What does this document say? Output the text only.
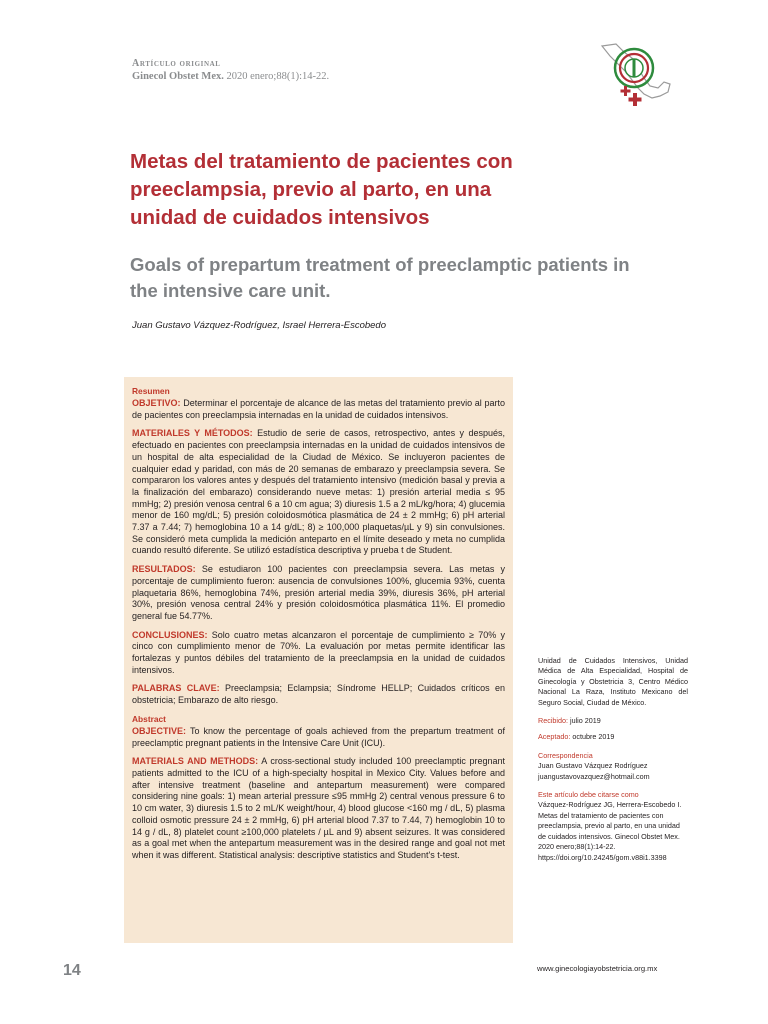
Artículo original
Ginecol Obstet Mex. 2020 enero;88(1):14-22.
Metas del tratamiento de pacientes con preeclampsia, previo al parto, en una unidad de cuidados intensivos
Goals of prepartum treatment of preeclamptic patients in the intensive care unit.
Juan Gustavo Vázquez-Rodríguez, Israel Herrera-Escobedo

Resumen

OBJETIVO: Determinar el porcentaje de alcance de las metas del tratamiento previo al parto de pacientes con preeclampsia internadas en la unidad de cuidados intensivos.

MATERIALES Y MÉTODOS: Estudio de serie de casos, retrospectivo, antes y después, efectuado en pacientes con preeclampsia internadas en la unidad de cuidados intensivos de un hospital de alta especialidad de la Ciudad de México. Se incluyeron pacientes de cualquier edad y paridad, con más de 20 semanas de embarazo y preeclampsia severa. Se compararon los valores antes y después del tratamiento intensivo (medición basal y previa a la finalización del embarazo) considerando nueve metas: 1) presión arterial media ≤ 95 mmHg; 2) presión venosa central 6 a 10 cm agua; 3) diuresis 1.5 a 2 mL/kg/hora; 4) glucemia menor de 160 mg/dL; 5) presión coloidosmótica plasmática de 24 ± 2 mmHg; 6) pH arterial 7.37 a 7.44; 7) hemoglobina 10 a 14 g/dL; 8) ≥ 100,000 plaquetas/µL y 9) sin convulsiones. Se consideró meta cumplida la medición anteparto en el límite deseado y meta no cumplida cuando resultó diferente. Se utilizó estadística descriptiva y prueba t de Student.

RESULTADOS: Se estudiaron 100 pacientes con preeclampsia severa. Las metas y porcentaje de cumplimiento fueron: ausencia de convulsiones 100%, glucemia 93%, cuenta plaquetaria 86%, hemoglobina 74%, presión arterial media 39%, diuresis 36%, pH arterial 30%, presión venosa central 24% y presión coloidosmótica plasmática 11%. El promedio general fue 54.77%.

CONCLUSIONES: Solo cuatro metas alcanzaron el porcentaje de cumplimiento ≥ 70% y cinco con cumplimiento menor de 70%. La evaluación por metas permite identificar las fortalezas y puntos débiles del tratamiento de la preeclampsia en la unidad de cuidados intensivos.

PALABRAS CLAVE: Preeclampsia; Eclampsia; Síndrome HELLP; Cuidados críticos en obstetricia; Embarazo de alto riesgo.

Abstract

OBJECTIVE: To know the percentage of goals achieved from the prepartum treatment of preeclamptic pregnant patients in the Intensive Care Unit (ICU).

MATERIALS AND METHODS: A cross-sectional study included 100 preeclamptic pregnant patients admitted to the ICU of a high-specialty hospital in Mexico City. Values before and after intensive treatment (baseline and antepartum measurement) were compared considering nine goals: 1) mean arterial pressure ≤95 mmHg 2) central venous pressure 6 to 10 cm water, 3) diuresis 1.5 to 2 mL/K weight/hour, 4) blood glucose <160 mg / dL, 5) plasma colloid osmotic pressure 24 ± 2 mmHg, 6) pH arterial blood 7.37 to 7.44, 7) hemoglobin 10 to 14 g / dL, 8) platelet count ≥100,000 platelets / µL and 9) absent seizures. It was considered as a goal met when the antepartum measurement was in the desired range and goal not met when it was different. Statistical analysis: descriptive statistics and Student's t-test.

Unidad de Cuidados Intensivos, Unidad Médica de Alta Especialidad, Hospital de Ginecología y Obstetricia 3, Centro Médico Nacional La Raza, Instituto Mexicano del Seguro Social, Ciudad de México.
Recibido: julio 2019
Aceptado: octubre 2019
Correspondencia
Juan Gustavo Vázquez Rodríguez
juangustavovazquez@hotmail.com
Este artículo debe citarse como
Vázquez-Rodríguez JG, Herrera-Escobedo I. Metas del tratamiento de pacientes con preeclampsia, previo al parto, en una unidad de cuidados intensivos. Ginecol Obstet Mex. 2020 enero;88(1):14-22.
https://doi.org/10.24245/gom.v88i1.3398
14	www.ginecologiayobstetricia.org.mx
